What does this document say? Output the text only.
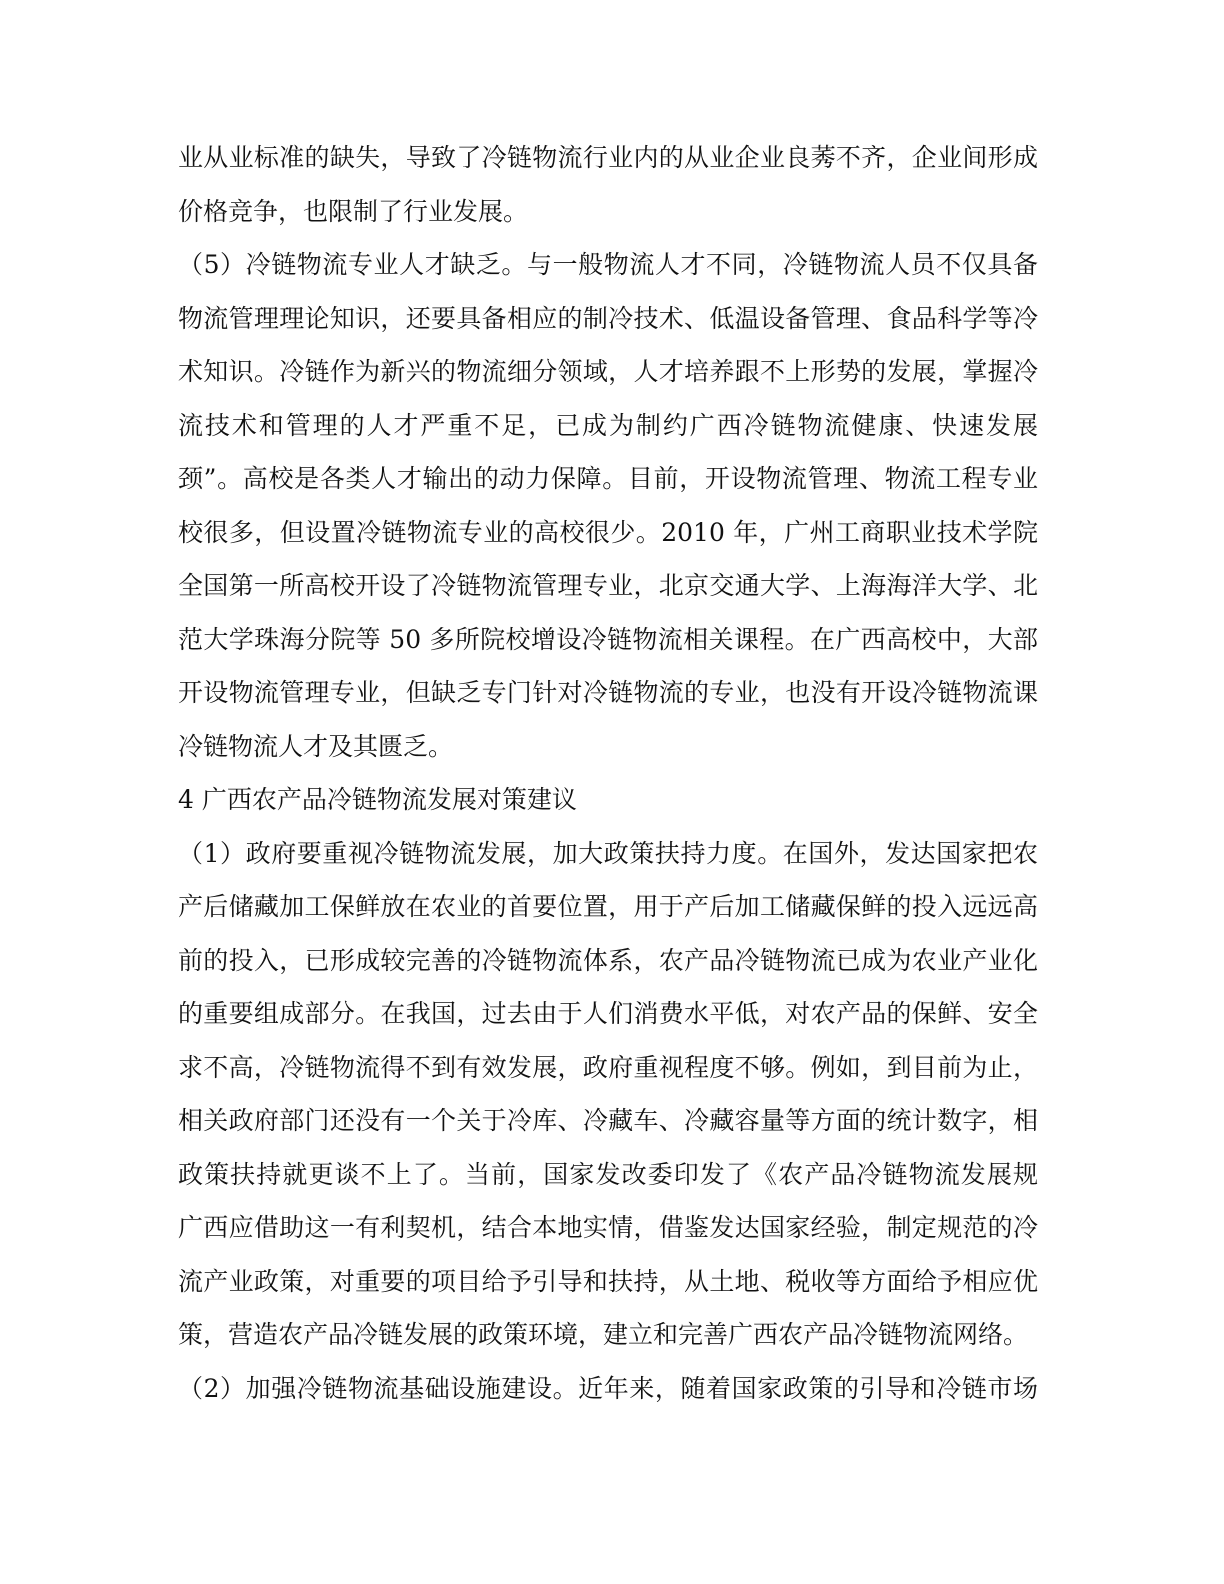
业从业标准的缺失，导致了冷链物流行业内的从业企业良莠不齐，企业间形成
价格竞争，也限制了行业发展。
（5）冷链物流专业人才缺乏。与一般物流人才不同，冷链物流人员不仅具备
物流管理理论知识，还要具备相应的制冷技术、低温设备管理、食品科学等冷
术知识。冷链作为新兴的物流细分领域，人才培养跟不上形势的发展，掌握冷
流技术和管理的人才严重不足，已成为制约广西冷链物流健康、快速发展
颈”。高校是各类人才输出的动力保障。目前，开设物流管理、物流工程专业
校很多，但设置冷链物流专业的高校很少。2010 年，广州工商职业技术学院
全国第一所高校开设了冷链物流管理专业，北京交通大学、上海海洋大学、北
范大学珠海分院等 50 多所院校增设冷链物流相关课程。在广西高校中，大部
开设物流管理专业，但缺乏专门针对冷链物流的专业，也没有开设冷链物流课
冷链物流人才及其匮乏。
4 广西农产品冷链物流发展对策建议
（1）政府要重视冷链物流发展，加大政策扶持力度。在国外，发达国家把农
产后储藏加工保鲜放在农业的首要位置，用于产后加工储藏保鲜的投入远远高
前的投入，已形成较完善的冷链物流体系，农产品冷链物流已成为农业产业化
的重要组成部分。在我国，过去由于人们消费水平低，对农产品的保鲜、安全
求不高，冷链物流得不到有效发展，政府重视程度不够。例如，到目前为止，
相关政府部门还没有一个关于冷库、冷藏车、冷藏容量等方面的统计数字，相
政策扶持就更谈不上了。当前，国家发改委印发了《农产品冷链物流发展规
广西应借助这一有利契机，结合本地实情，借鉴发达国家经验，制定规范的冷
流产业政策，对重要的项目给予引导和扶持，从土地、税收等方面给予相应优
策，营造农产品冷链发展的政策环境，建立和完善广西农产品冷链物流网络。
（2）加强冷链物流基础设施建设。近年来，随着国家政策的引导和冷链市场
